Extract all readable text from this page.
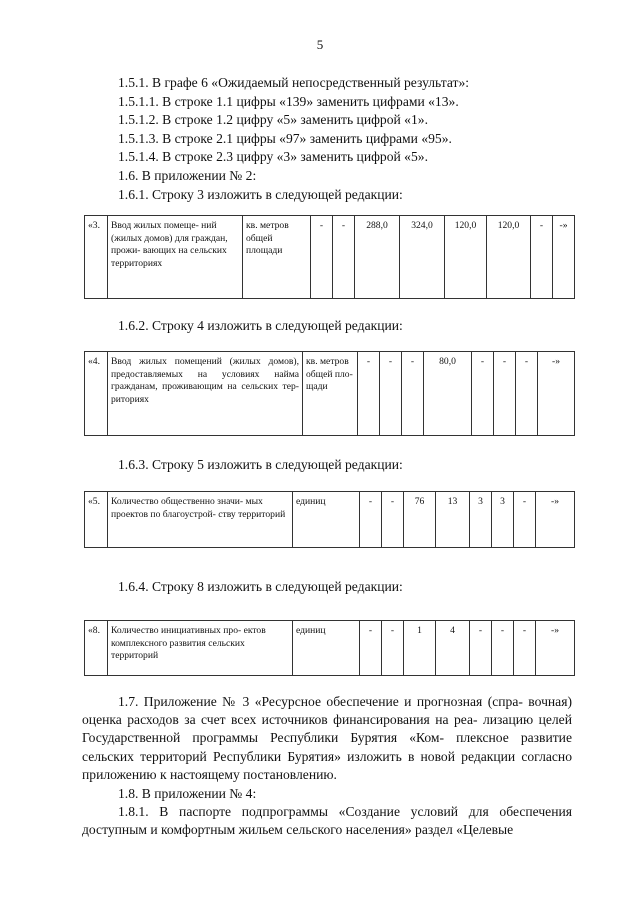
5
1.5.1. В графе 6 «Ожидаемый непосредственный результат»:
1.5.1.1. В строке 1.1 цифры «139» заменить цифрами «13».
1.5.1.2. В строке 1.2 цифру «5» заменить цифрой «1».
1.5.1.3. В строке 2.1 цифры «97» заменить цифрами «95».
1.5.1.4. В строке 2.3 цифру «3» заменить цифрой «5».
1.6. В приложении № 2:
1.6.1. Строку 3 изложить в следующей редакции:
«3.	Ввод жилых помеще- ний (жилых домов) для граждан, прожи- вающих на сельских территориях	кв. метров общей площади	-	-	288,0	324,0	120,0	120,0	-	-»
1.6.2. Строку 4 изложить в следующей редакции:
«4.	Ввод жилых помещений (жилых домов), предоставляемых на условиях найма гражданам, проживающим на сельских тер- риториях	кв. метров общей пло- щади	-	-	-	80,0	-	-	-	-»
1.6.3. Строку 5 изложить в следующей редакции:
«5.	Количество общественно значи- мых проектов по благоустрой- ству территорий	единиц	-	-	76	13	3	3	-	-»
1.6.4. Строку 8 изложить в следующей редакции:
«8.	Количество инициативных про- ектов комплексного развития сельских территорий	единиц	-	-	1	4	-	-	-	-»
1.7. Приложение № 3 «Ресурсное обеспечение и прогнозная (спра- вочная) оценка расходов за счет всех источников финансирования на реа- лизацию целей Государственной программы Республики Бурятия «Ком- плексное развитие сельских территорий Республики Бурятия» изложить в новой редакции согласно приложению к настоящему постановлению.
1.8. В приложении № 4:
1.8.1. В паспорте подпрограммы «Создание условий для обеспечения доступным и комфортным жильем сельского населения» раздел «Целевые
